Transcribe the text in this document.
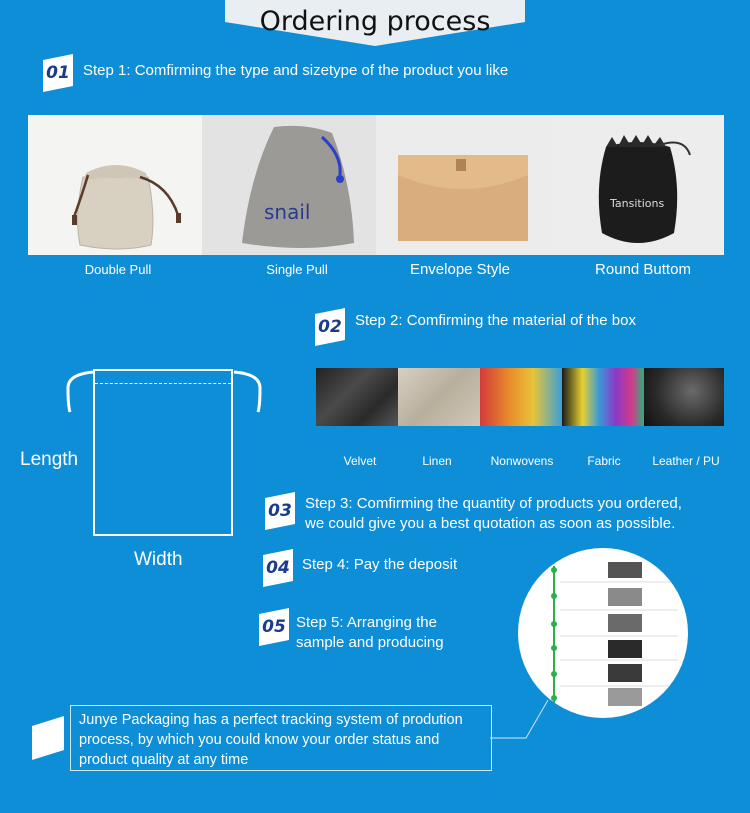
Ordering process
01 Step 1: Comfirming the type and sizetype of the product you like
snail	Tansitions
Double Pull	Single Pull	Envelope Style	Round Buttom
02 Step 2: Comfirming the material of the box
Length
Width
Velvet	Linen	Nonwovens	Fabric	Leather / PU
03 Step 3: Comfirming the quantity of products you ordered,
we could give you a best quotation as soon as possible.
04 Step 4: Pay the deposit
05 Step 5: Arranging the
sample and producing
Junye Packaging has a perfect tracking system of prodution
process, by which you could know your order status and
product quality at any time
